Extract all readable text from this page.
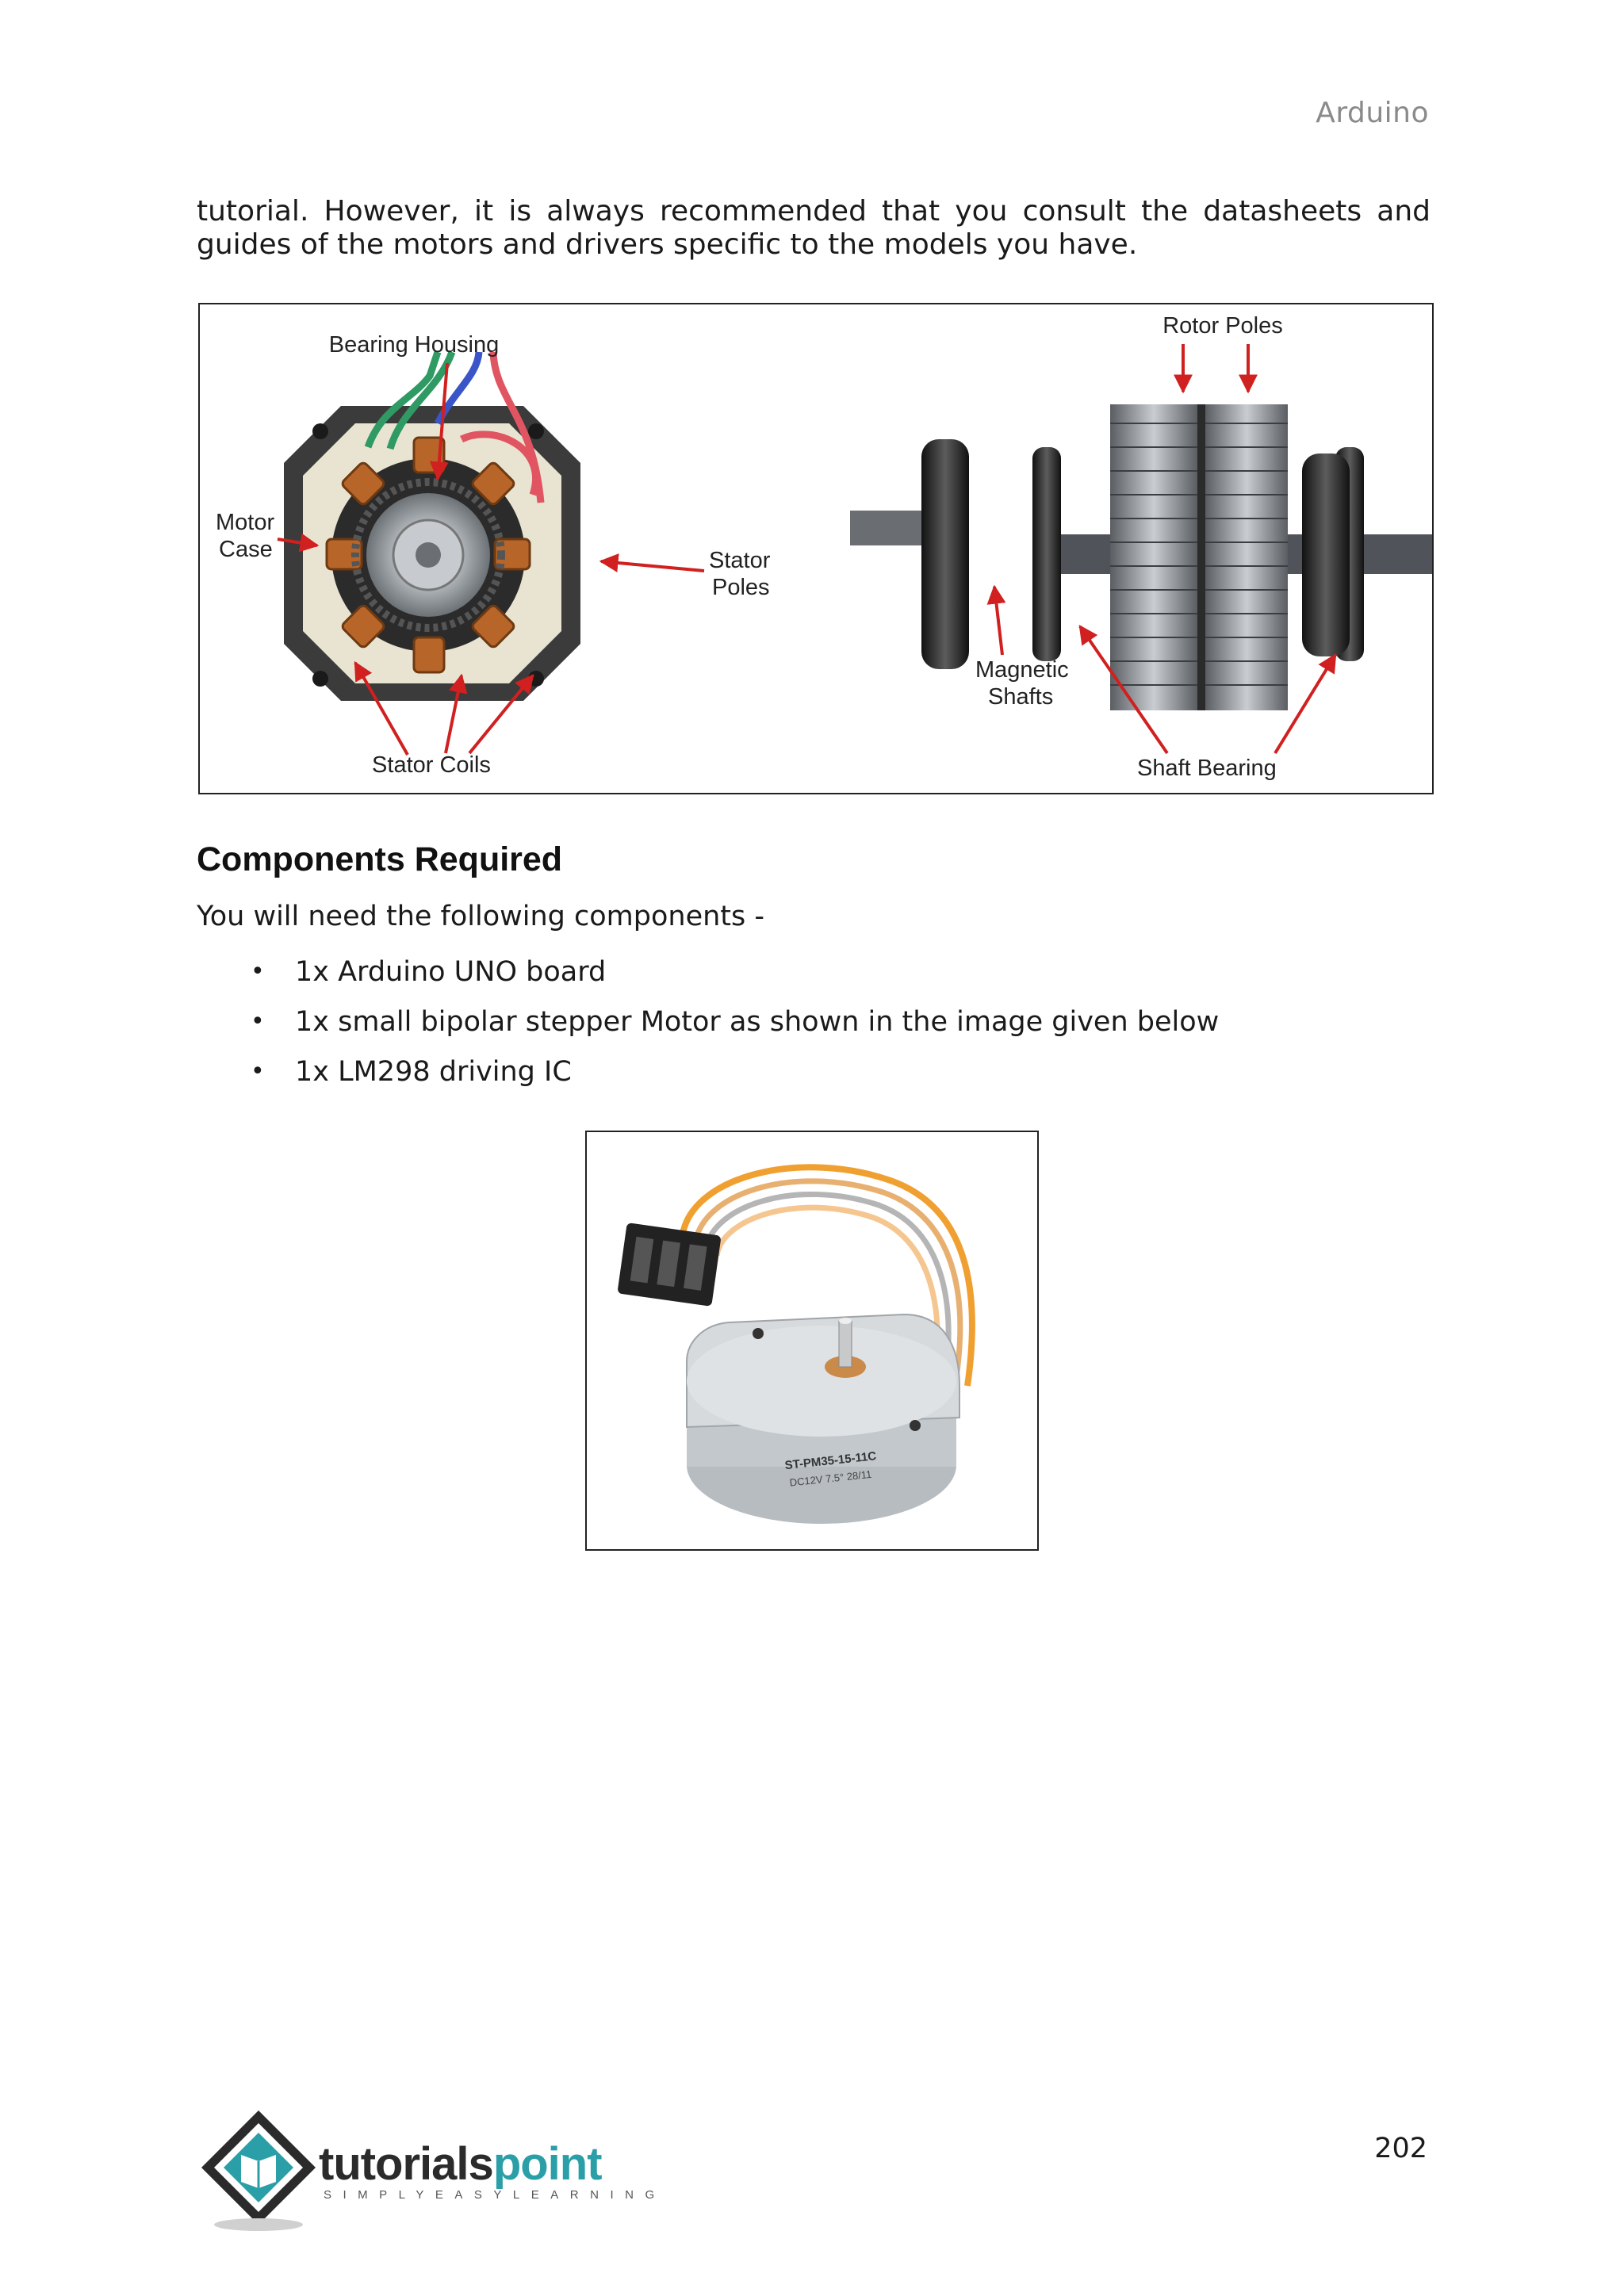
Arduino
tutorial. However, it is always recommended that you consult the datasheets and guides of the motors and drivers specific to the models you have.
Bearing Housing
Motor
Case	Stator
Poles
Stator Coils
Rotor Poles
Magnetic
Shafts
Shaft Bearing
Components Required
You will need the following components -
• 1x Arduino UNO board
• 1x small bipolar stepper Motor as shown in the image given below
• 1x LM298 driving IC
ST-PM35-15-11C
DC12V 7.5° 28/11
tutorialspoint
SIMPLYEASYLEARNING
202
